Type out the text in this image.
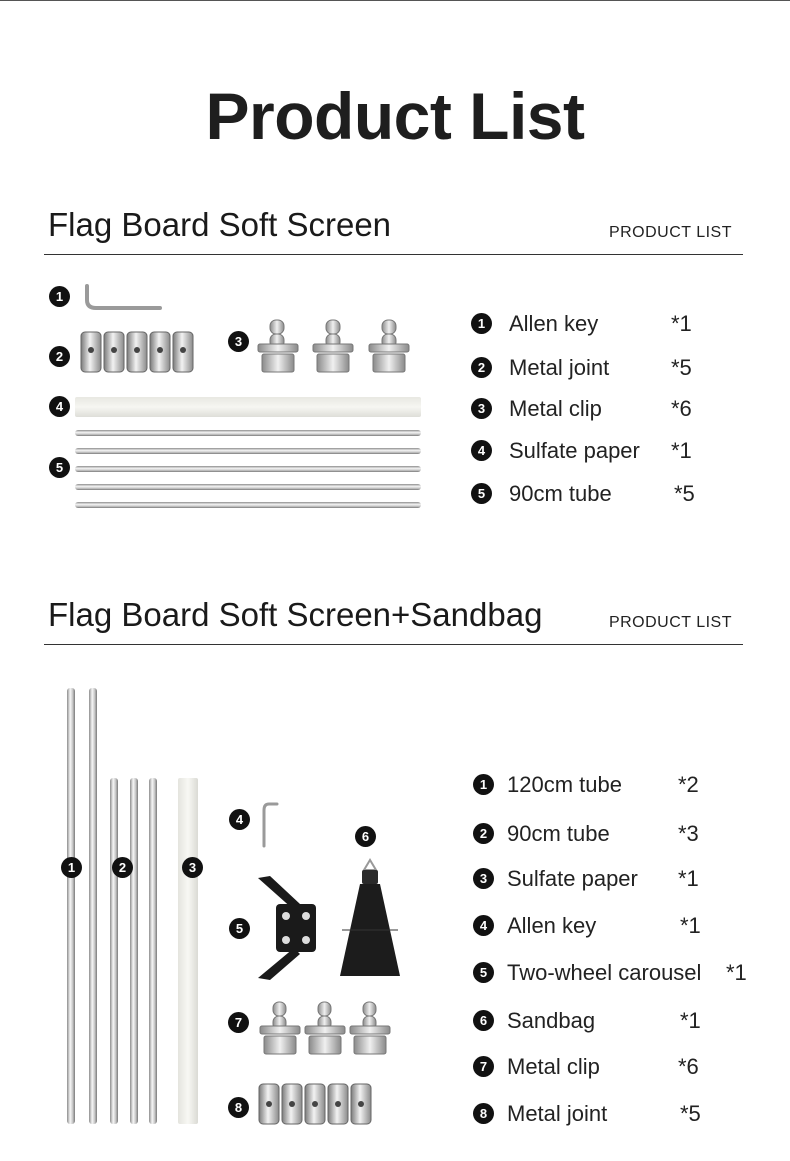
Product List
Flag Board Soft Screen	PRODUCT LIST
1
2
3
4
5
1	Allen key	*1
2	Metal joint	*5
3	Metal clip	*6
4	Sulfate paper *1
5	90cm tube	*5
Flag Board Soft Screen+Sandbag	PRODUCT LIST
1	2	3
4
5
6
7
8
1 120cm tube	*2
2 90cm tube	*3
3 Sulfate paper *1
4 Allen key	*1
5 Two-wheel carousel *1
6 Sandbag	*1
7 Metal clip	*6
8 Metal joint	*5
